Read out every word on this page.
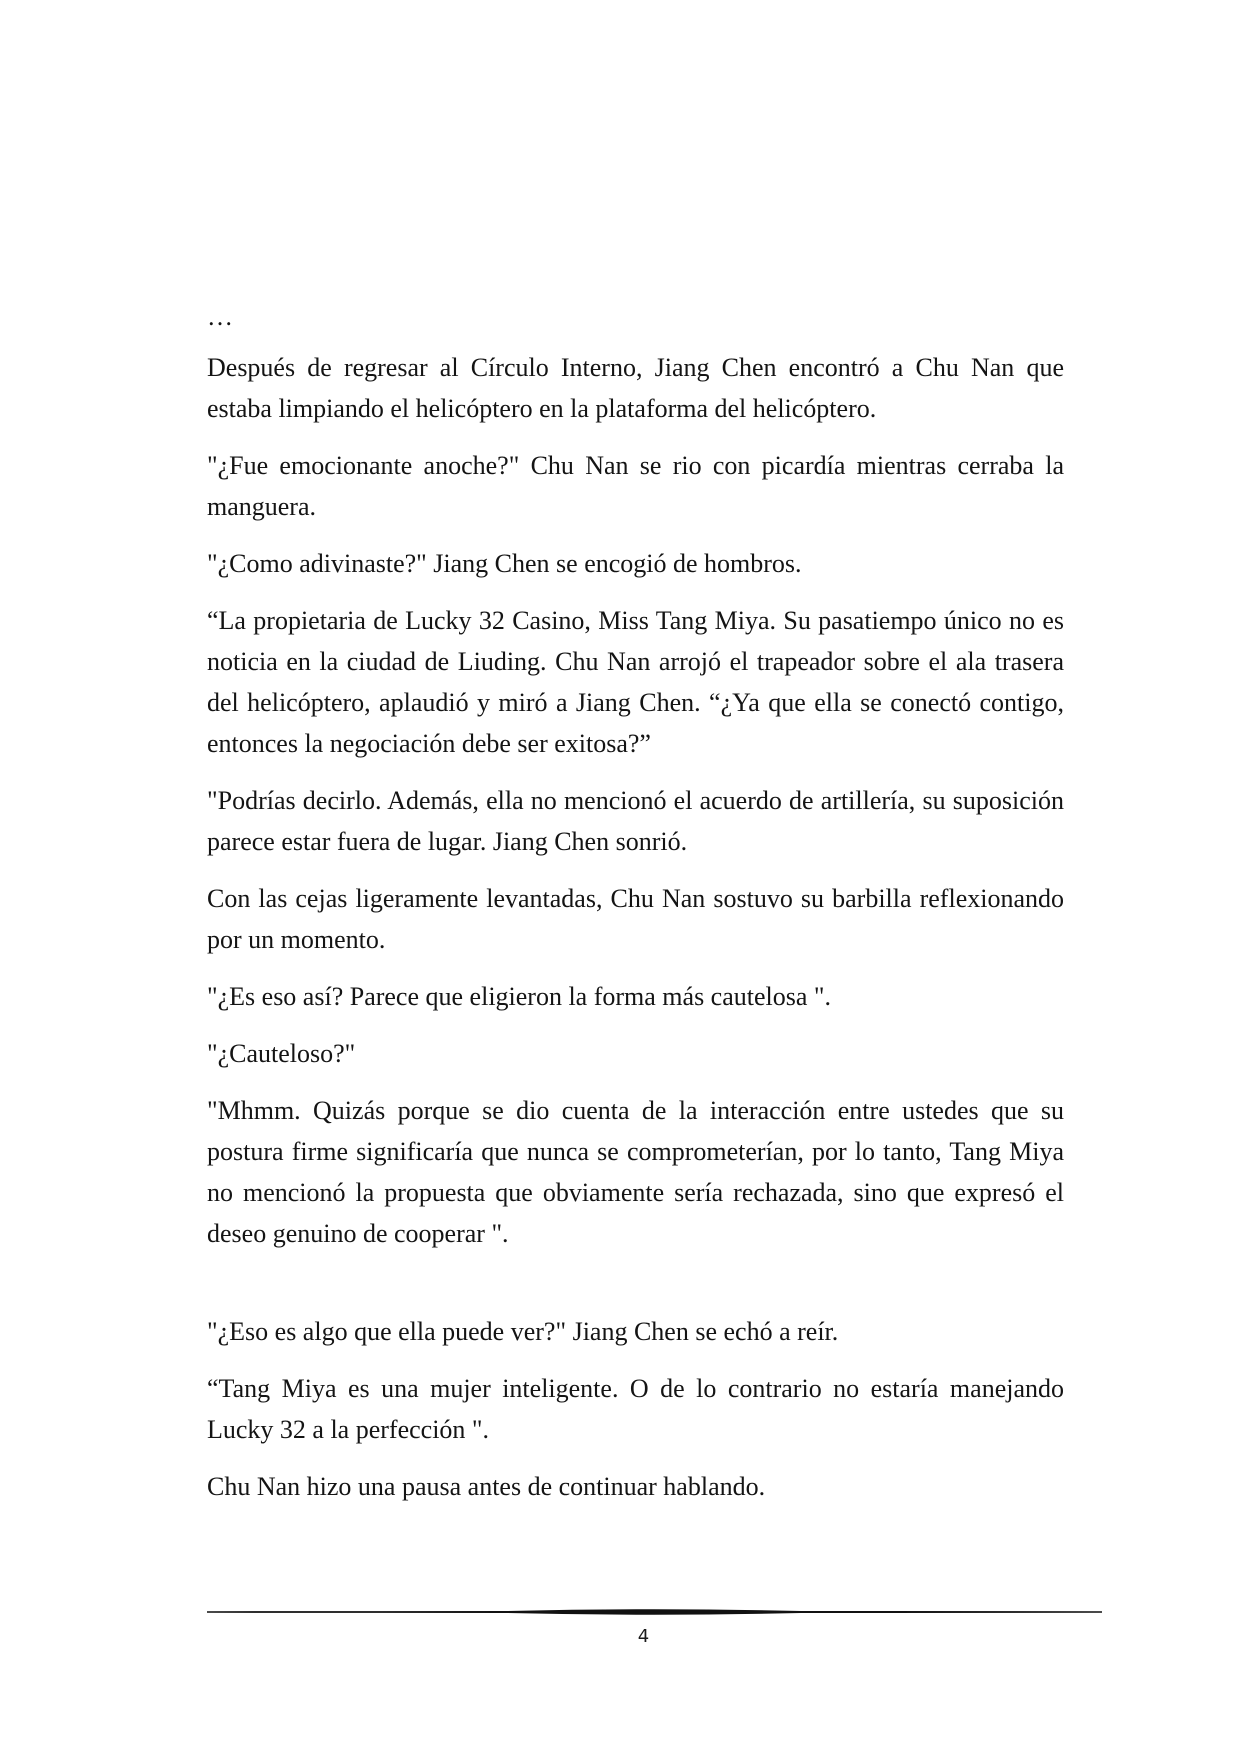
…

Después de regresar al Círculo Interno, Jiang Chen encontró a Chu Nan que estaba limpiando el helicóptero en la plataforma del helicóptero.

"¿Fue emocionante anoche?" Chu Nan se rio con picardía mientras cerraba la manguera.

"¿Como adivinaste?" Jiang Chen se encogió de hombros.

“La propietaria de Lucky 32 Casino, Miss Tang Miya. Su pasatiempo único no es noticia en la ciudad de Liuding. Chu Nan arrojó el trapeador sobre el ala trasera del helicóptero, aplaudió y miró a Jiang Chen. “¿Ya que ella se conectó contigo, entonces la negociación debe ser exitosa?”

"Podrías decirlo. Además, ella no mencionó el acuerdo de artillería, su suposición parece estar fuera de lugar. Jiang Chen sonrió.

Con las cejas ligeramente levantadas, Chu Nan sostuvo su barbilla reflexionando por un momento.

"¿Es eso así? Parece que eligieron la forma más cautelosa ".

"¿Cauteloso?"

"Mhmm. Quizás porque se dio cuenta de la interacción entre ustedes que su postura firme significaría que nunca se comprometerían, por lo tanto, Tang Miya no mencionó la propuesta que obviamente sería rechazada, sino que expresó el deseo genuino de cooperar ".

"¿Eso es algo que ella puede ver?" Jiang Chen se echó a reír.

“Tang Miya es una mujer inteligente. O de lo contrario no estaría manejando Lucky 32 a la perfección ".

Chu Nan hizo una pausa antes de continuar hablando.

4
